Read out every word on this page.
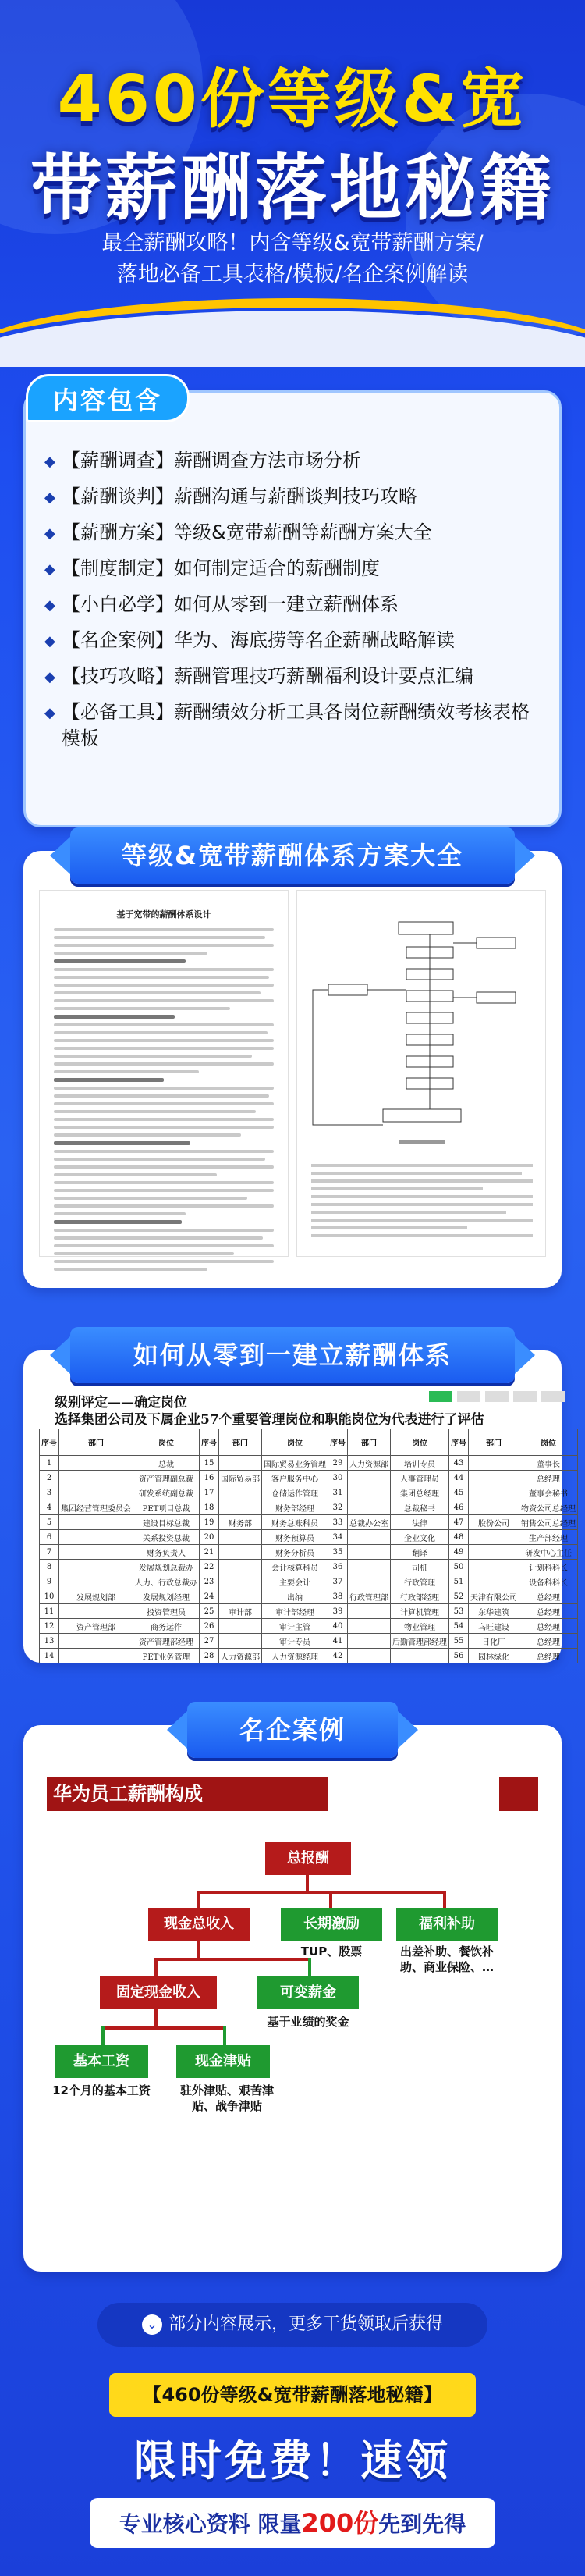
460份等级&宽
带薪酬落地秘籍
最全薪酬攻略！内含等级&宽带薪酬方案/落地必备工具表格/模板/名企案例解读
内容包含
◆ 【薪酬调查】薪酬调查方法市场分析
◆ 【薪酬谈判】薪酬沟通与薪酬谈判技巧攻略
◆ 【薪酬方案】等级&宽带薪酬等薪酬方案大全
◆ 【制度制定】如何制定适合的薪酬制度
◆ 【小白必学】如何从零到一建立薪酬体系
◆ 【名企案例】华为、海底捞等名企薪酬战略解读
◆ 【技巧攻略】薪酬管理技巧薪酬福利设计要点汇编
◆ 【必备工具】薪酬绩效分析工具各岗位薪酬绩效考核表格模板
基于宽带的薪酬体系设计
等级&宽带薪酬体系方案大全
级别评定——确定岗位
选择集团公司及下属企业57个重要管理岗位和职能岗位为代表进行了评估
序号	部门	岗位	序号	部门	岗位	序号	部门	岗位	序号	部门	岗位
1		总裁	15		国际贸易业务管理	29	人力资源部	培训专员	43		董事长
2		资产管理副总裁	16	国际贸易部	客户服务中心	30		人事管理员	44		总经理
3		研发系统副总裁	17		仓储运作管理	31		集团总经理	45		董事会秘书
4	集团经营管理委员会	PET项目总裁	18		财务部经理	32		总裁秘书	46		物资公司总经理
5		建设目标总裁	19	财务部	财务总账科员	33	总裁办公室	法律	47	股份公司	销售公司总经理
6		关系投资总裁	20		财务预算员	34		企业文化	48		生产部经理
7		财务负责人	21		财务分析员	35		翻译	49		研发中心主任
8		发展规划总裁办	22		会计核算科员	36		司机	50		计划科科长
9		人力、行政总裁办	23		主要会计	37		行政管理	51		设备科科长
10	发展规划部	发展规划经理	24		出纳	38	行政管理部	行政部经理	52	天津有限公司	总经理
11		投资管理员	25	审计部	审计部经理	39		计算机管理	53	东华建筑	总经理
12	资产管理部	商务运作	26		审计主管	40		物业管理	54	乌旺建设	总经理
13		资产管理部经理	27		审计专员	41		后勤管理部经理	55	日化厂	总经理
14		PET业务管理	28	人力资源部	人力资源经理	42			56	园林绿化	总经理
如何从零到一建立薪酬体系
华为员工薪酬构成
总报酬
现金总收入	长期激励	福利补助
固定现金收入	可变薪金
基本工资	现金津贴
TUP、股票	出差补助、餐饮补助、商业保险、…
基于业绩的奖金
12个月的基本工资	驻外津贴、艰苦津贴、战争津贴
名企案例
⌄ 部分内容展示，更多干货领取后获得
【460份等级&宽带薪酬落地秘籍】
限时免费！速领
专业核心资料 限量200份先到先得
